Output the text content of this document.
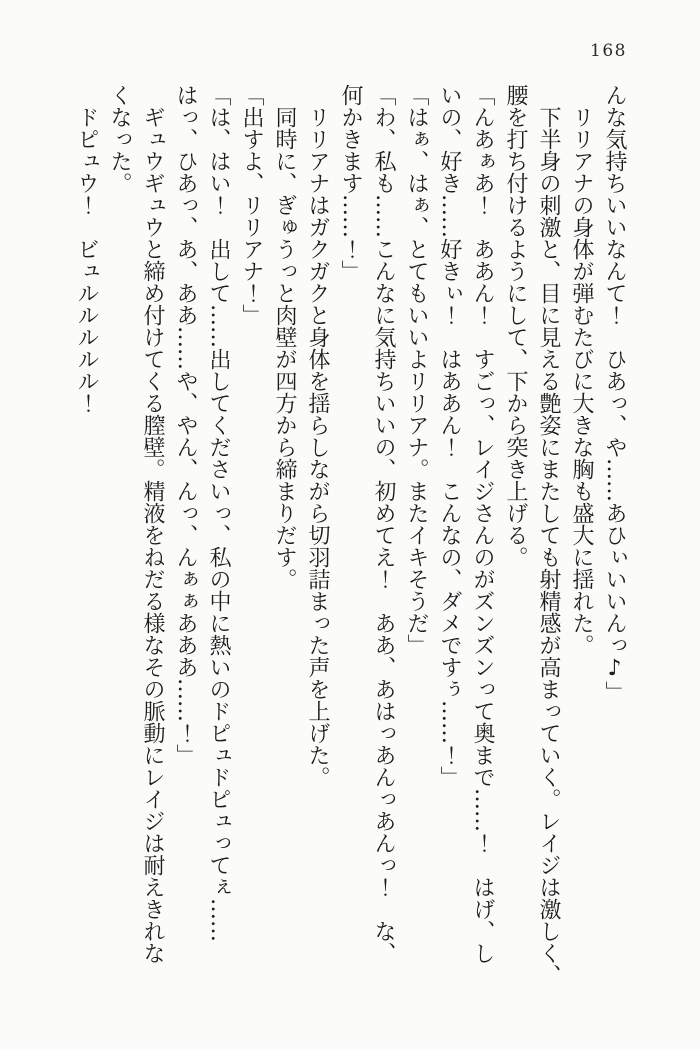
168
んな気持ちいいなんて！　ひあっ、や……あひぃいいんっ♪」
　リリアナの身体が弾むたびに大きな胸も盛大に揺れた。
　下半身の刺激と、目に見える艶姿にまたしても射精感が高まっていく。レイジは激しく、
腰を打ち付けるようにして、下から突き上げる。
「んあぁあ！　ああん！　すごっ、レイジさんのがズンズンって奥まで……！　はげ、し
いの、好き……好きぃ！　はああん！　こんなの、ダメですぅ……！」
「はぁ、はぁ、とてもいいよリリアナ。またイキそうだ」
「わ、私も……こんなに気持ちいいの、初めてえ！　ああ、あはっあんっあんっ！　な、
何かきます……！」
　リリアナはガクガクと身体を揺らしながら切羽詰まった声を上げた。
　同時に、ぎゅうっと肉壁が四方から締まりだす。
「出すよ、リリアナ！」
「は、はい！　出して……出してくださいっ、私の中に熱いのドピュドピュってぇ……
はっ、ひあっ、あ、ああ……や、やん、んっ、んぁぁあああ……！」
　ギュウギュウと締め付けてくる膣壁。精液をねだる様なその脈動にレイジは耐えきれな
くなった。
　ドピュウ！　ビュルルルルル！
